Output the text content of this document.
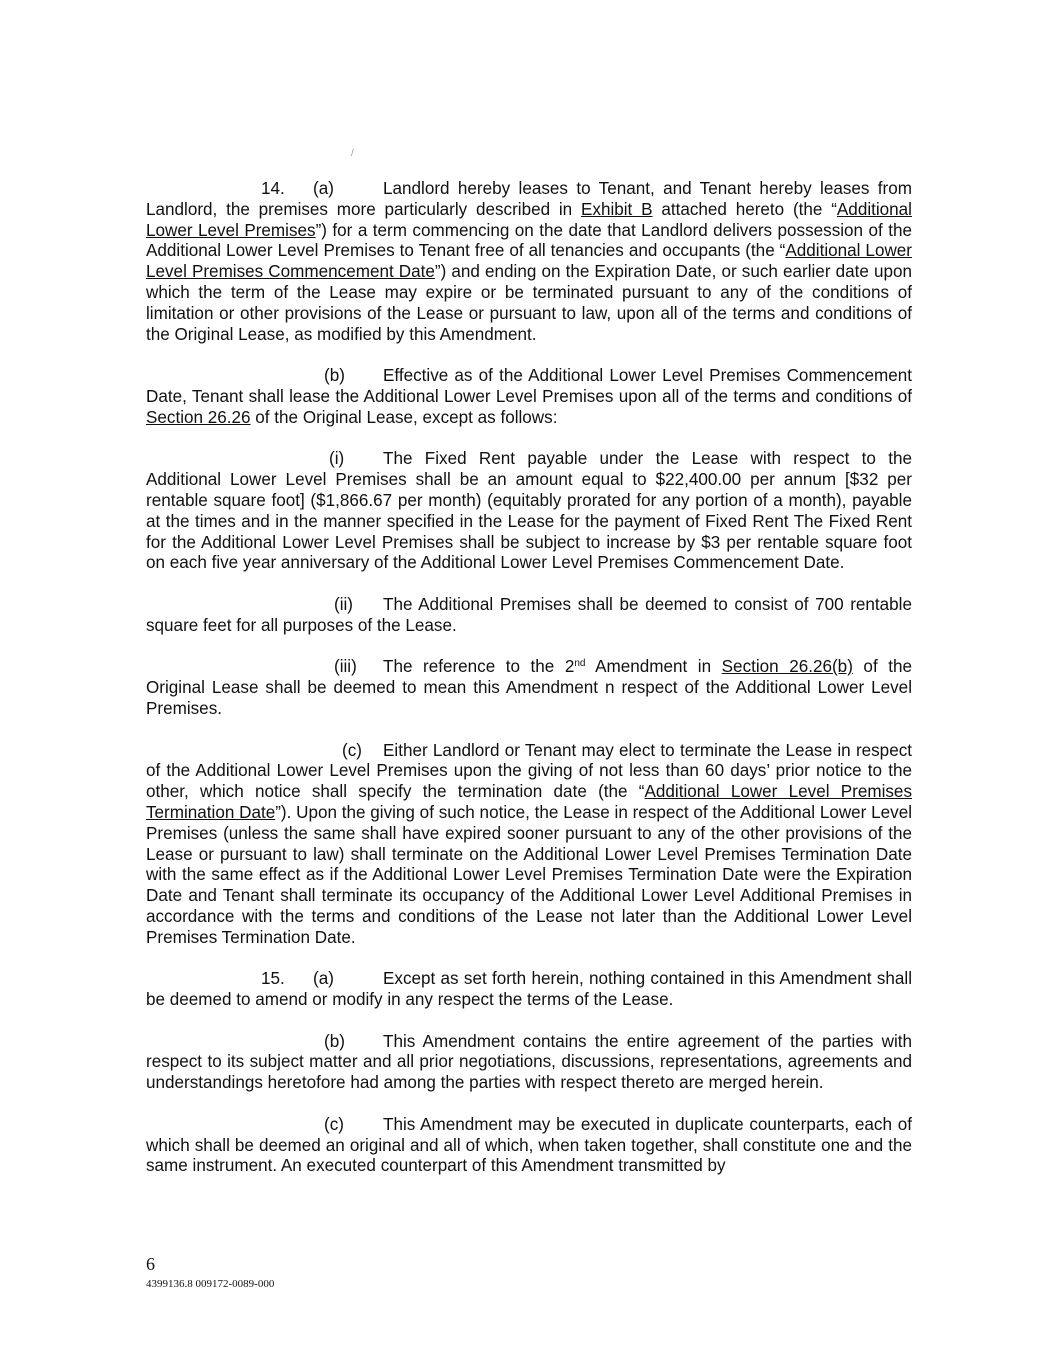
/

14. (a)	Landlord hereby leases to Tenant, and Tenant hereby leases from Landlord, the premises more particularly described in Exhibit B attached hereto (the “Additional Lower Level Premises”) for a term commencing on the date that Landlord delivers possession of the Additional Lower Level Premises to Tenant free of all tenancies and occupants (the “Additional Lower Level Premises Commencement Date”) and ending on the Expiration Date, or such earlier date upon which the term of the Lease may expire or be terminated pursuant to any of the conditions of limitation or other provisions of the Lease or pursuant to law, upon all of the terms and conditions of the Original Lease, as modified by this Amendment.

(b) Effective as of the Additional Lower Level Premises Commencement Date, Tenant shall lease the Additional Lower Level Premises upon all of the terms and conditions of Section 26.26 of the Original Lease, except as follows:

(i) The Fixed Rent payable under the Lease with respect to the Additional Lower Level Premises shall be an amount equal to $22,400.00 per annum [$32 per rentable square foot] ($1,866.67 per month) (equitably prorated for any portion of a month), payable at the times and in the manner specified in the Lease for the payment of Fixed Rent The Fixed Rent for the Additional Lower Level Premises shall be subject to increase by $3 per rentable square foot on each five year anniversary of the Additional Lower Level Premises Commencement Date.

(ii) The Additional Premises shall be deemed to consist of 700 rentable square feet for all purposes of the Lease.

(iii) The reference to the 2nd Amendment in Section 26.26(b) of the Original Lease shall be deemed to mean this Amendment n respect of the Additional Lower Level Premises.

(c) Either Landlord or Tenant may elect to terminate the Lease in respect of the Additional Lower Level Premises upon the giving of not less than 60 days’ prior notice to the other, which notice shall specify the termination date (the “Additional Lower Level Premises Termination Date”). Upon the giving of such notice, the Lease in respect of the Additional Lower Level Premises (unless the same shall have expired sooner pursuant to any of the other provisions of the Lease or pursuant to law) shall terminate on the Additional Lower Level Premises Termination Date with the same effect as if the Additional Lower Level Premises Termination Date were the Expiration Date and Tenant shall terminate its occupancy of the Additional Lower Level Additional Premises in accordance with the terms and conditions of the Lease not later than the Additional Lower Level Premises Termination Date.

15. (a)	Except as set forth herein, nothing contained in this Amendment shall be deemed to amend or modify in any respect the terms of the Lease.

(b) This Amendment contains the entire agreement of the parties with respect to its subject matter and all prior negotiations, discussions, representations, agreements and understandings heretofore had among the parties with respect thereto are merged herein.

(c) This Amendment may be executed in duplicate counterparts, each of which shall be deemed an original and all of which, when taken together, shall constitute one and the same instrument. An executed counterpart of this Amendment transmitted by

6
4399136.8 009172-0089-000
